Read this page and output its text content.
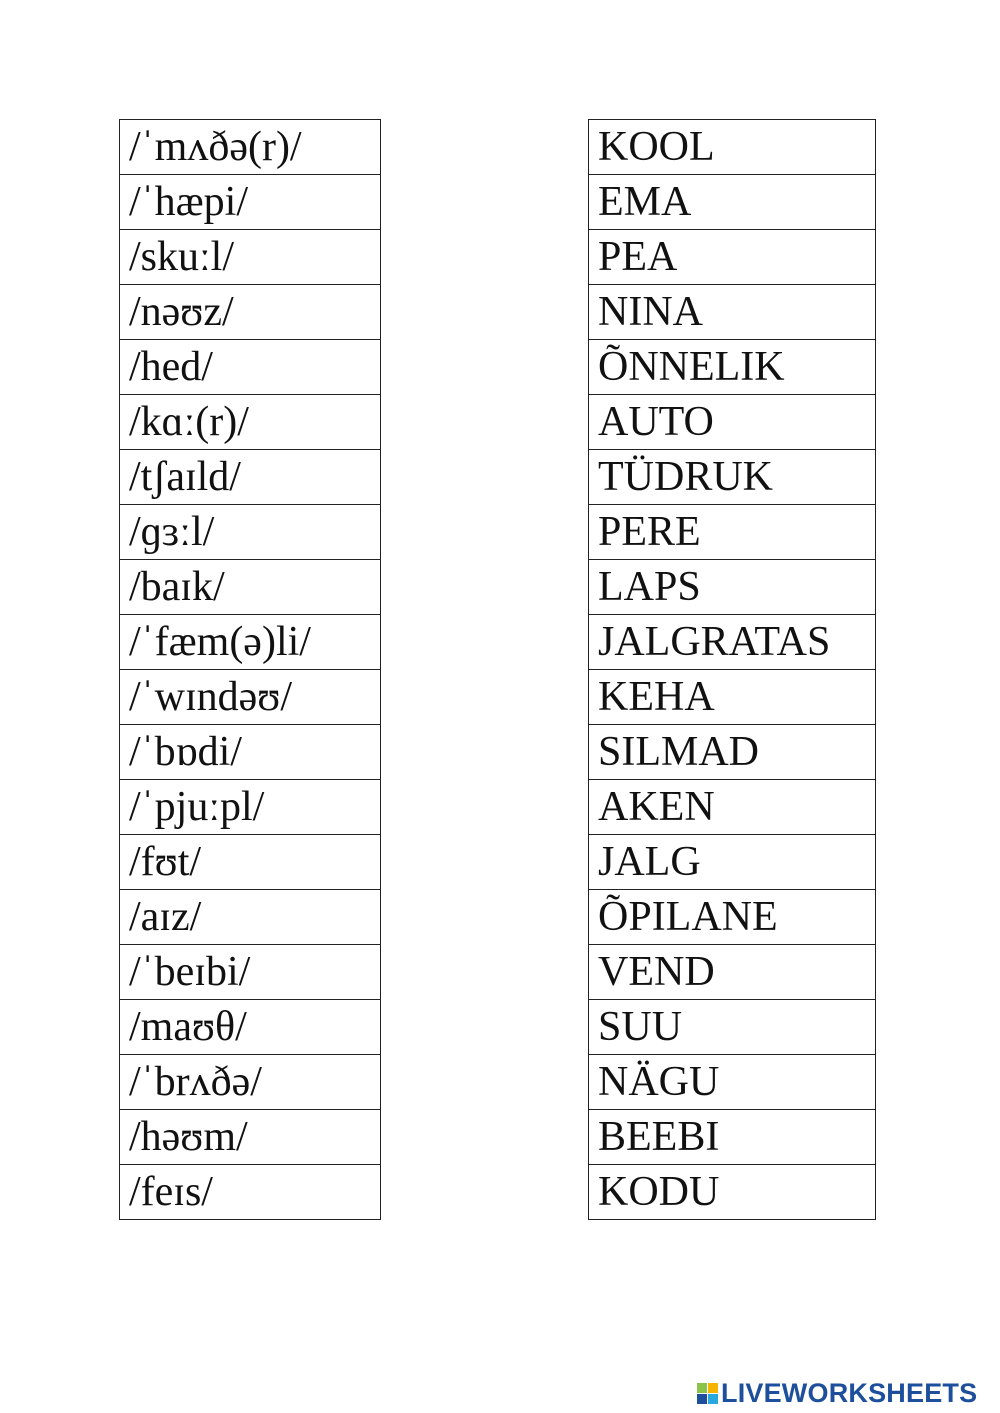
/ˈmʌðə(r)/
/ˈhæpi/
/skuːl/
/nəʊz/
/hed/
/kɑː(r)/
/tʃaɪld/
/ɡɜːl/
/baɪk/
/ˈfæm(ə)li/
/ˈwɪndəʊ/
/ˈbɒdi/
/ˈpjuːpl/
/fʊt/
/aɪz/
/ˈbeɪbi/
/maʊθ/
/ˈbrʌðə/
/həʊm/
/feɪs/
KOOL
EMA
PEA
NINA
ÕNNELIK
AUTO
TÜDRUK
PERE
LAPS
JALGRATAS
KEHA
SILMAD
AKEN
JALG
ÕPILANE
VEND
SUU
NÄGU
BEEBI
KODU
LIVEWORKSHEETS
